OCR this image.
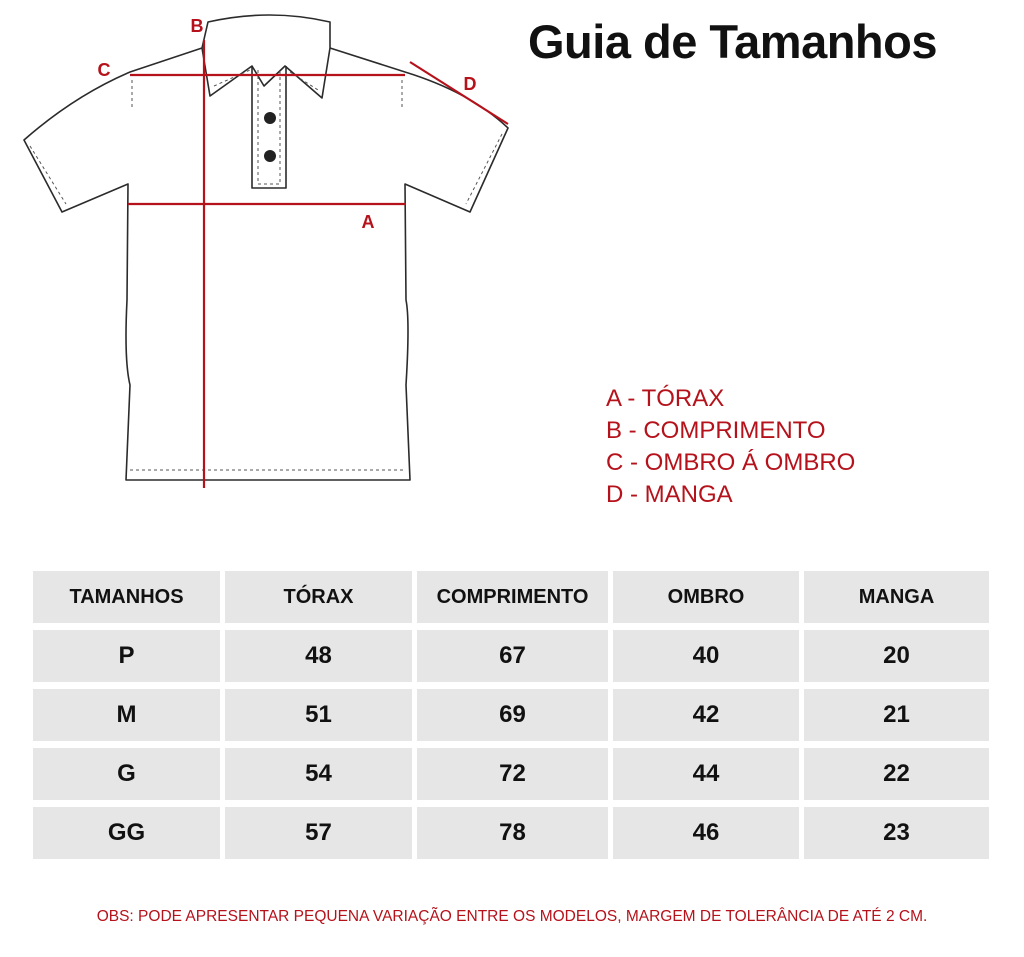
Guia de Tamanhos
A
B
C
D
A - TÓRAX
B - COMPRIMENTO
C - OMBRO Á OMBRO
D - MANGA
TAMANHOS	TÓRAX	COMPRIMENTO	OMBRO	MANGA
P	48	67	40	20
M	51	69	42	21
G	54	72	44	22
GG	57	78	46	23
OBS: PODE APRESENTAR PEQUENA VARIAÇÃO ENTRE OS MODELOS, MARGEM DE TOLERÂNCIA DE ATÉ 2 CM.
